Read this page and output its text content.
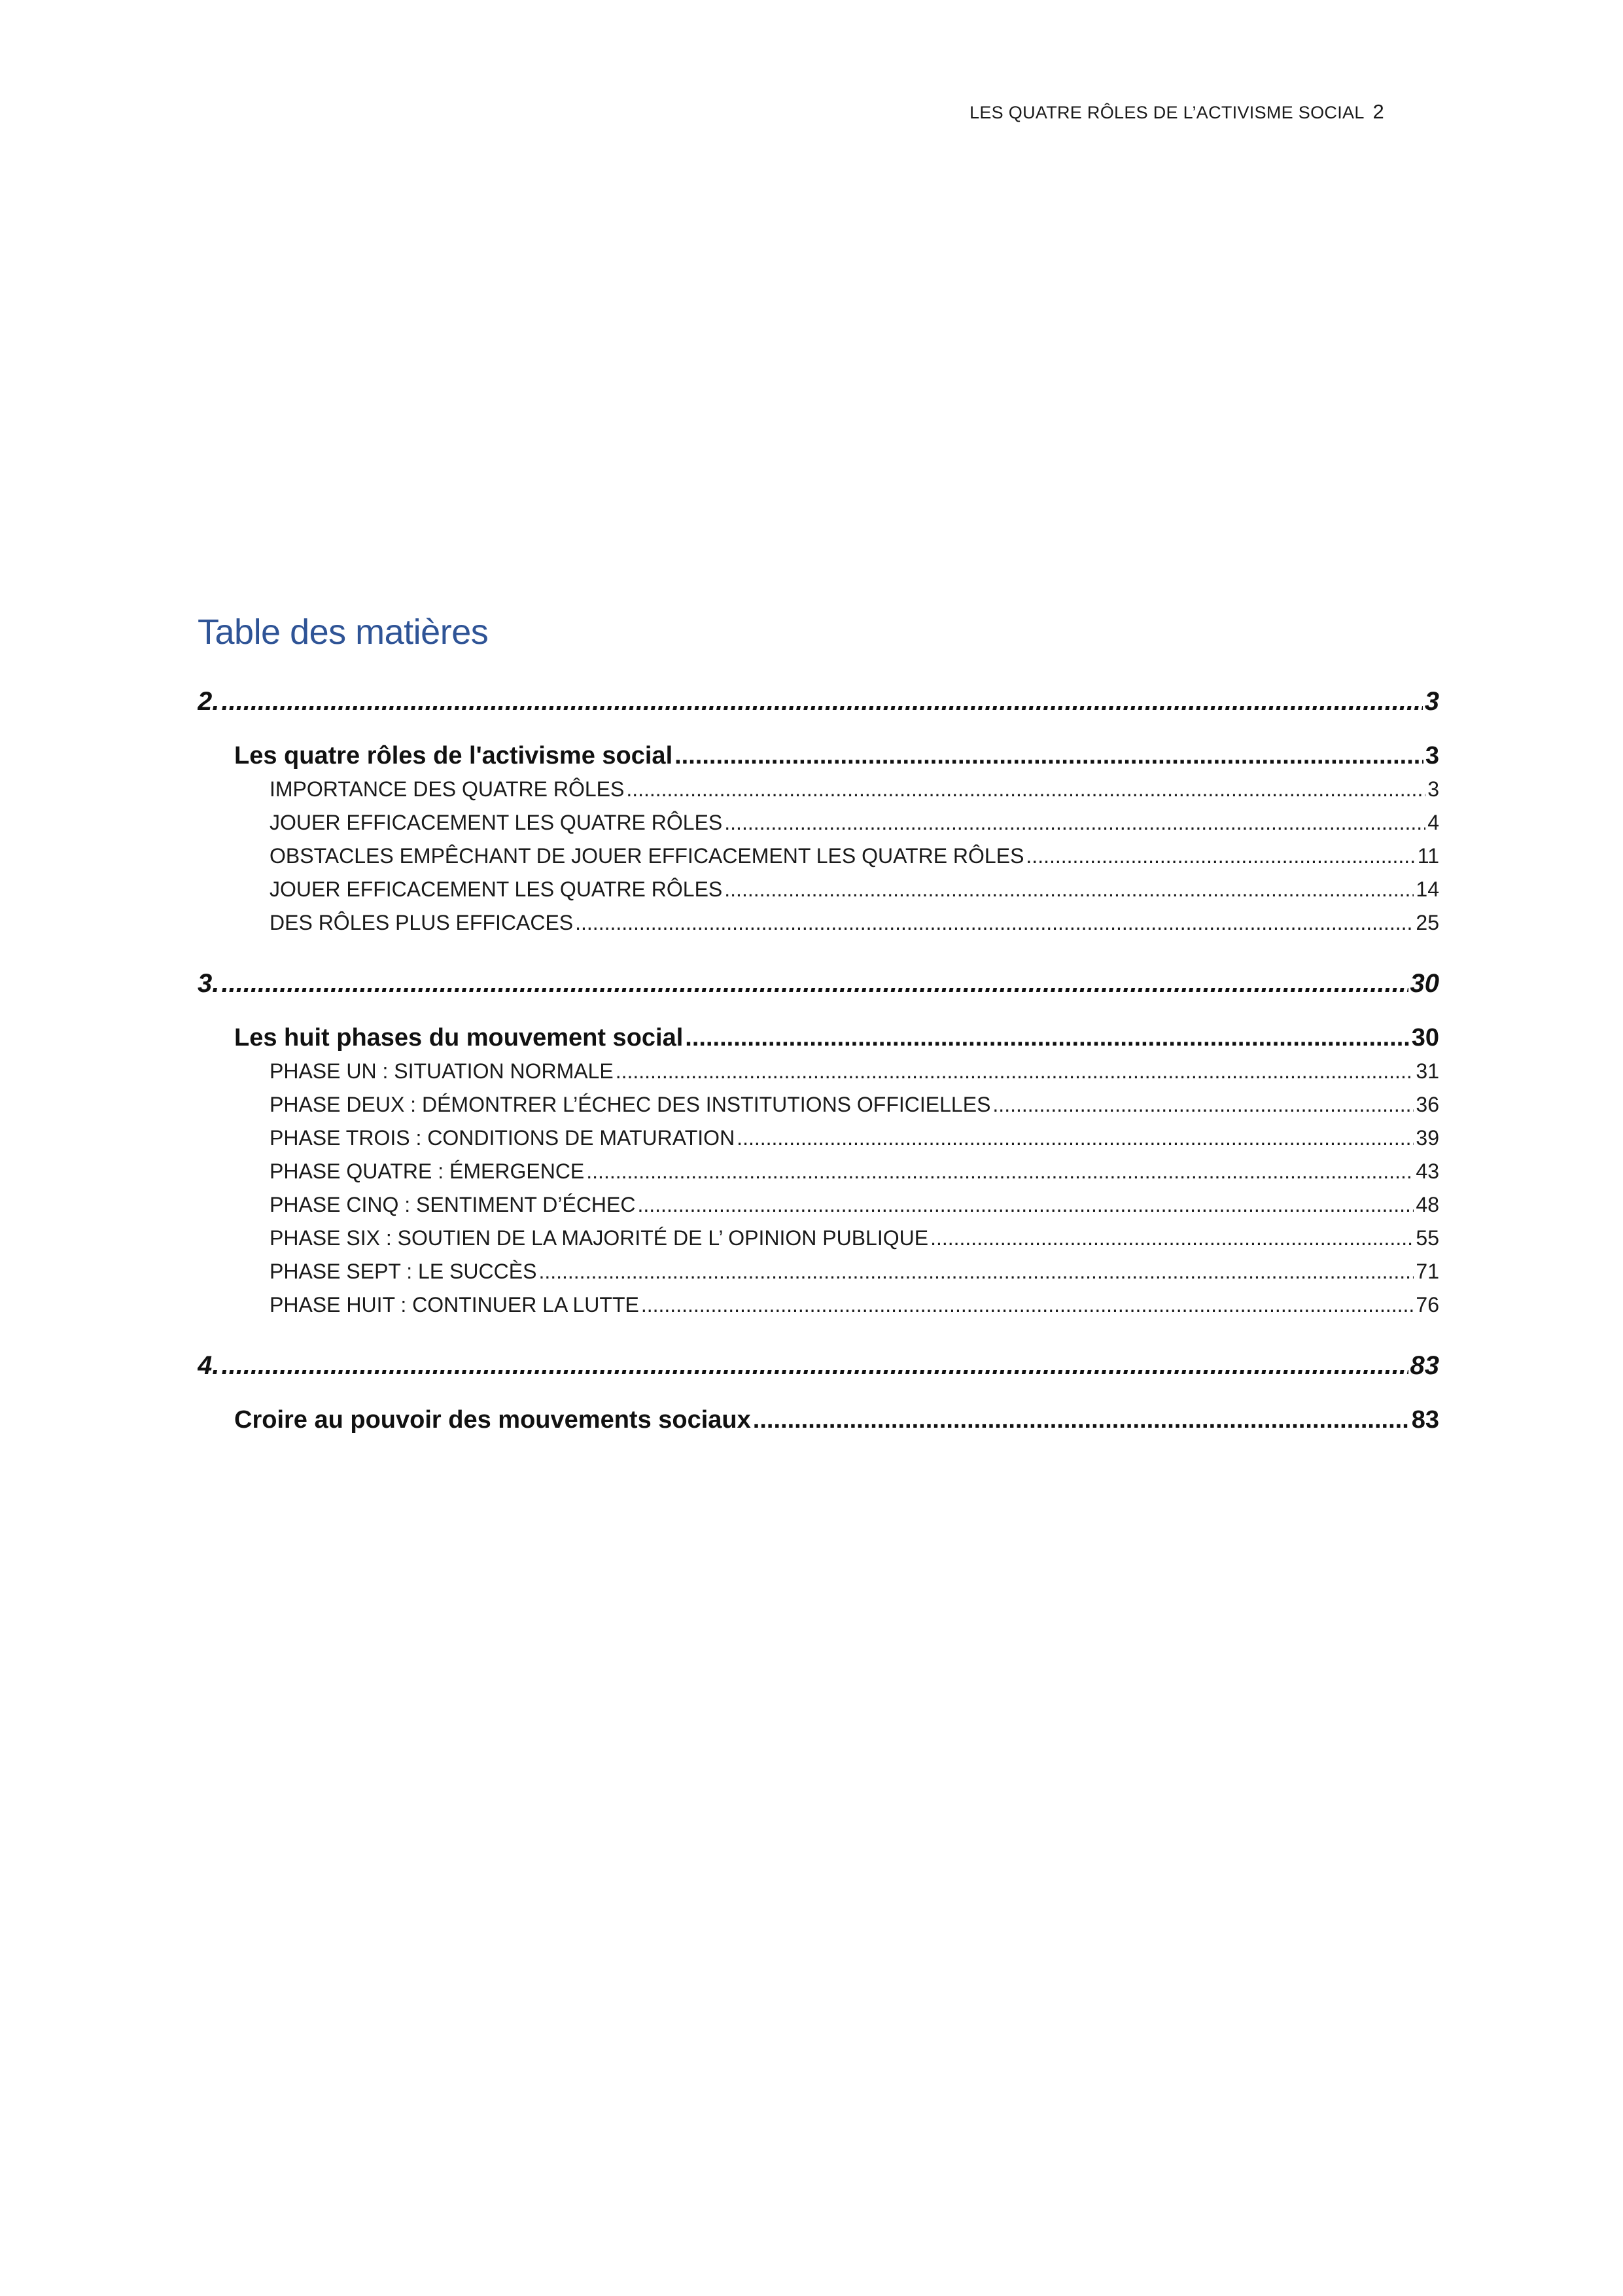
LES QUATRE RÔLES DE L’ACTIVISME SOCIAL 2
Table des matières
2. .....	3
Les quatre rôles de l'activisme social .....	3
IMPORTANCE DES QUATRE RÔLES .....	3
JOUER EFFICACEMENT LES QUATRE RÔLES .....	4
OBSTACLES EMPÊCHANT DE JOUER EFFICACEMENT LES QUATRE RÔLES .....	11
JOUER EFFICACEMENT LES QUATRE RÔLES .....	14
DES RÔLES PLUS EFFICACES .....	25
3. .....	30
Les huit phases du mouvement social .....	30
PHASE UN : SITUATION NORMALE .....	31
PHASE DEUX : DÉMONTRER L’ÉCHEC DES INSTITUTIONS OFFICIELLES .....	36
PHASE TROIS : CONDITIONS DE MATURATION .....	39
PHASE QUATRE : ÉMERGENCE .....	43
PHASE CINQ : SENTIMENT D’ÉCHEC .....	48
PHASE SIX : SOUTIEN DE LA MAJORITÉ DE L’ OPINION PUBLIQUE .....	55
PHASE SEPT : LE SUCCÈS .....	71
PHASE HUIT : CONTINUER LA LUTTE .....	76
4. .....	83
Croire au pouvoir des mouvements sociaux .....	83
